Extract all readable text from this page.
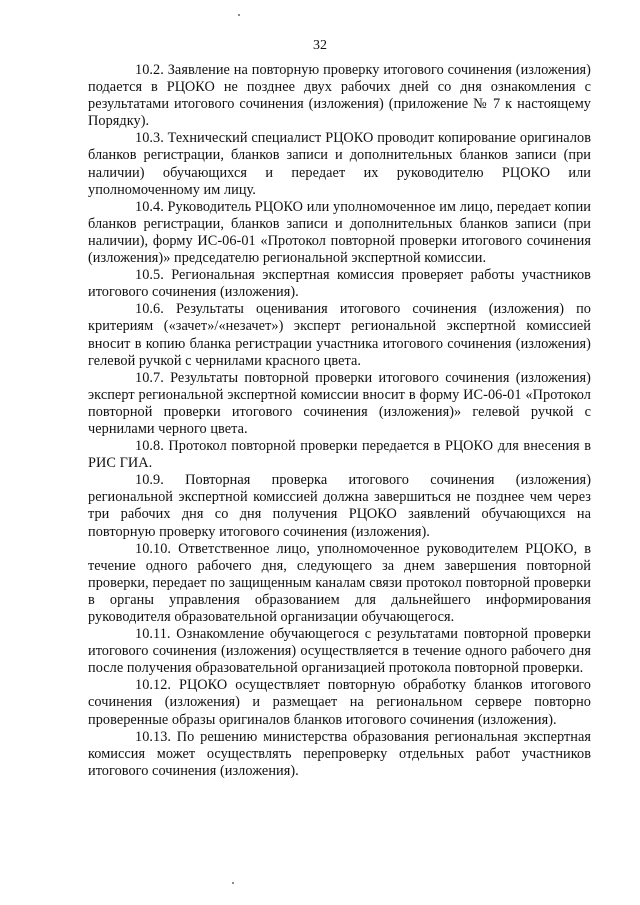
32

10.2. Заявление на повторную проверку итогового сочинения (изложения) подается в РЦОКО не позднее двух рабочих дней со дня ознакомления с результатами итогового сочинения (изложения) (приложение № 7 к настоящему Порядку).

10.3. Технический специалист РЦОКО проводит копирование оригиналов бланков регистрации, бланков записи и дополнительных бланков записи (при наличии) обучающихся и передает их руководителю РЦОКО или уполномоченному им лицу.

10.4. Руководитель РЦОКО или уполномоченное им лицо, передает копии бланков регистрации, бланков записи и дополнительных бланков записи (при наличии), форму ИС-06-01 «Протокол повторной проверки итогового сочинения (изложения)» председателю региональной экспертной комиссии.

10.5. Региональная экспертная комиссия проверяет работы участников итогового сочинения (изложения).

10.6. Результаты оценивания итогового сочинения (изложения) по критериям («зачет»/«незачет») эксперт региональной экспертной комиссией вносит в копию бланка регистрации участника итогового сочинения (изложения) гелевой ручкой с чернилами красного цвета.

10.7. Результаты повторной проверки итогового сочинения (изложения) эксперт региональной экспертной комиссии вносит в форму ИС-06-01 «Протокол повторной проверки итогового сочинения (изложения)» гелевой ручкой с чернилами черного цвета.

10.8. Протокол повторной проверки передается в РЦОКО для внесения в РИС ГИА.

10.9. Повторная проверка итогового сочинения (изложения) региональной экспертной комиссией должна завершиться не позднее чем через три рабочих дня со дня получения РЦОКО заявлений обучающихся на повторную проверку итогового сочинения (изложения).

10.10. Ответственное лицо, уполномоченное руководителем РЦОКО, в течение одного рабочего дня, следующего за днем завершения повторной проверки, передает по защищенным каналам связи протокол повторной проверки в органы управления образованием для дальнейшего информирования руководителя образовательной организации обучающегося.

10.11. Ознакомление обучающегося с результатами повторной проверки итогового сочинения (изложения) осуществляется в течение одного рабочего дня после получения образовательной организацией протокола повторной проверки.

10.12. РЦОКО осуществляет повторную обработку бланков итогового сочинения (изложения) и размещает на региональном сервере повторно проверенные образы оригиналов бланков итогового сочинения (изложения).

10.13. По решению министерства образования региональная экспертная комиссия может осуществлять перепроверку отдельных работ участников итогового сочинения (изложения).
